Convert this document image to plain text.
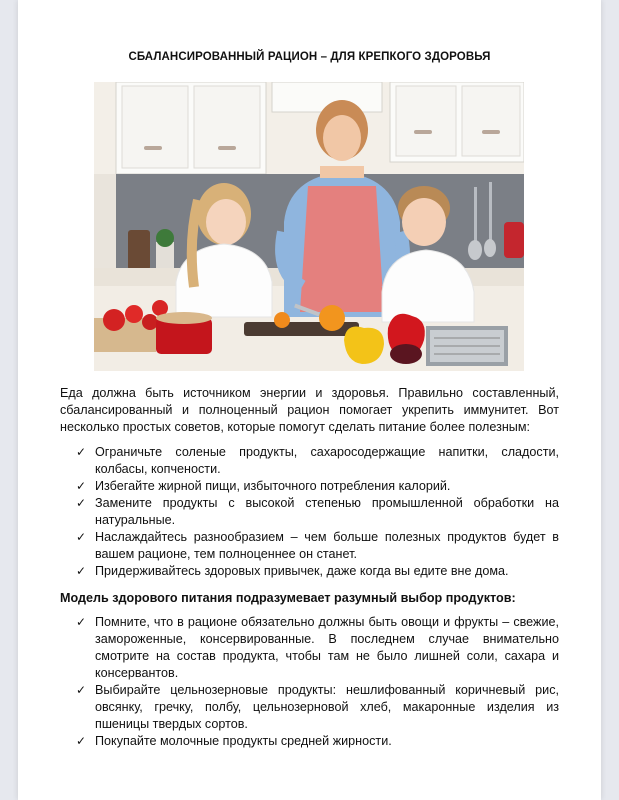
СБАЛАНСИРОВАННЫЙ РАЦИОН – ДЛЯ КРЕПКОГО ЗДОРОВЬЯ
Еда должна быть источником энергии и здоровья. Правильно составленный, сбалансированный и полноценный рацион помогает укрепить иммунитет. Вот несколько простых советов, которые помогут сделать питание более полезным:
✓ Ограничьте соленые продукты, сахаросодержащие напитки, сладости, колбасы, копчености.
✓ Избегайте жирной пищи, избыточного потребления калорий.
✓ Замените продукты с высокой степенью промышленной обработки на натуральные.
✓ Наслаждайтесь разнообразием – чем больше полезных продуктов будет в вашем рационе, тем полноценнее он станет.
✓ Придерживайтесь здоровых привычек, даже когда вы едите вне дома.
Модель здорового питания подразумевает разумный выбор продуктов:
✓ Помните, что в рационе обязательно должны быть овощи и фрукты – свежие, замороженные, консервированные. В последнем случае внимательно смотрите на состав продукта, чтобы там не было лишней соли, сахара и консервантов.
✓ Выбирайте цельнозерновые продукты: нешлифованный коричневый рис, овсянку, гречку, полбу, цельнозерновой хлеб, макаронные изделия из пшеницы твердых сортов.
✓ Покупайте молочные продукты средней жирности.
